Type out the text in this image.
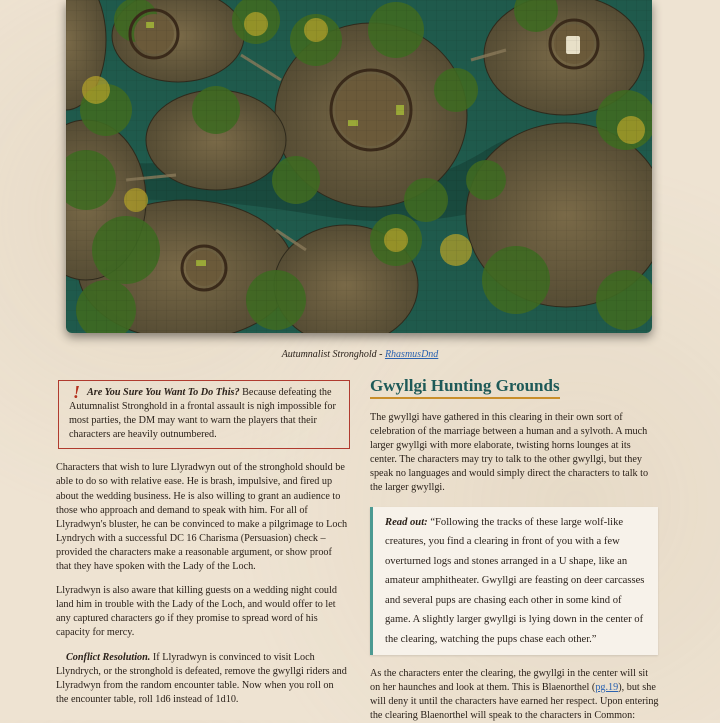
Autumnalist Stronghold - RhasmusDnd
! Are You Sure You Want To Do This? Because defeating the Autumnalist Stronghold in a frontal assault is nigh impossible for most parties, the DM may want to warn the players that their characters are heavily outnumbered.

Characters that wish to lure Llyradwyn out of the stronghold should be able to do so with relative ease. He is brash, impulsive, and fired up about the wedding business. He is also willing to grant an audience to those who approach and demand to speak with him. For all of Llyradwyn's bluster, he can be convinced to make a pilgrimage to Loch Lyndrych with a successful DC 16 Charisma (Persuasion) check – provided the characters make a reasonable argument, or show proof that they have spoken with the Lady of the Loch.

Llyradwyn is also aware that killing guests on a wedding night could land him in trouble with the Lady of the Loch, and would offer to let any captured characters go if they promise to spread word of his capacity for mercy.

Conflict Resolution. If Llyradwyn is convinced to visit Loch Llyndrych, or the stronghold is defeated, remove the gwyllgi riders and Llyradwyn from the random encounter table. Now when you roll on the encounter table, roll 1d6 instead of 1d10.

Gwyllgi Hunting Grounds

The gwyllgi have gathered in this clearing in their own sort of celebration of the marriage between a human and a sylvoth. A much larger gwyllgi with more elaborate, twisting horns lounges at its center. The characters may try to talk to the other gwyllgi, but they speak no languages and would simply direct the characters to talk to the larger gwyllgi.

Read out: “Following the tracks of these large wolf-like creatures, you find a clearing in front of you with a few overturned logs and stones arranged in a U shape, like an amateur amphitheater. Gwyllgi are feasting on deer carcasses and several pups are chasing each other in some kind of game. A slightly larger gwyllgi is lying down in the center of the clearing, watching the pups chase each other.”

As the characters enter the clearing, the gwyllgi in the center will sit on her haunches and look at them. This is Blaenorthel (pg.19), but she will deny it until the characters have earned her respect. Upon entering the clearing Blaenorthel will speak to the characters in Common:
